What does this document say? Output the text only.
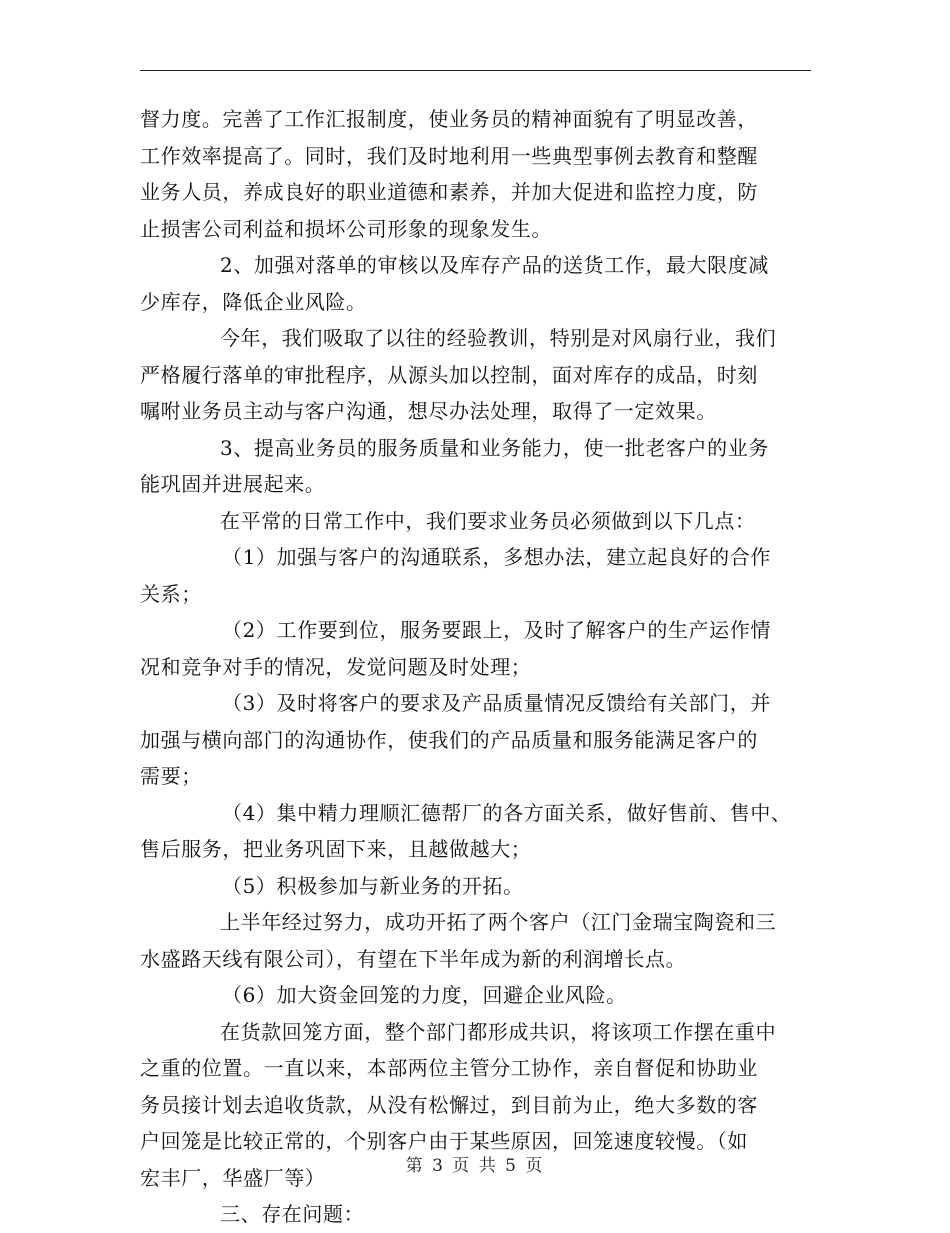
督力度。完善了工作汇报制度，使业务员的精神面貌有了明显改善，
工作效率提高了。同时，我们及时地利用一些典型事例去教育和整醒
业务人员，养成良好的职业道德和素养，并加大促进和监控力度，防
止损害公司利益和损坏公司形象的现象发生。
2、加强对落单的审核以及库存产品的送货工作，最大限度减
少库存，降低企业风险。
今年，我们吸取了以往的经验教训，特别是对风扇行业，我们
严格履行落单的审批程序，从源头加以控制，面对库存的成品，时刻
嘱咐业务员主动与客户沟通，想尽办法处理，取得了一定效果。
3、提高业务员的服务质量和业务能力，使一批老客户的业务
能巩固并进展起来。
在平常的日常工作中，我们要求业务员必须做到以下几点：
（1）加强与客户的沟通联系，多想办法，建立起良好的合作
关系；
（2）工作要到位，服务要跟上，及时了解客户的生产运作情
况和竞争对手的情况，发觉问题及时处理；
（3）及时将客户的要求及产品质量情况反馈给有关部门，并
加强与横向部门的沟通协作，使我们的产品质量和服务能满足客户的
需要；
（4）集中精力理顺汇德帮厂的各方面关系，做好售前、售中、
售后服务，把业务巩固下来，且越做越大；
（5）积极参加与新业务的开拓。
上半年经过努力，成功开拓了两个客户（江门金瑞宝陶瓷和三
水盛路天线有限公司），有望在下半年成为新的利润增长点。
（6）加大资金回笼的力度，回避企业风险。
在货款回笼方面，整个部门都形成共识，将该项工作摆在重中
之重的位置。一直以来，本部两位主管分工协作，亲自督促和协助业
务员接计划去追收货款，从没有松懈过，到目前为止，绝大多数的客
户回笼是比较正常的，个别客户由于某些原因，回笼速度较慢。（如
宏丰厂，华盛厂等）
三、存在问题：
第 3 页 共 5 页
